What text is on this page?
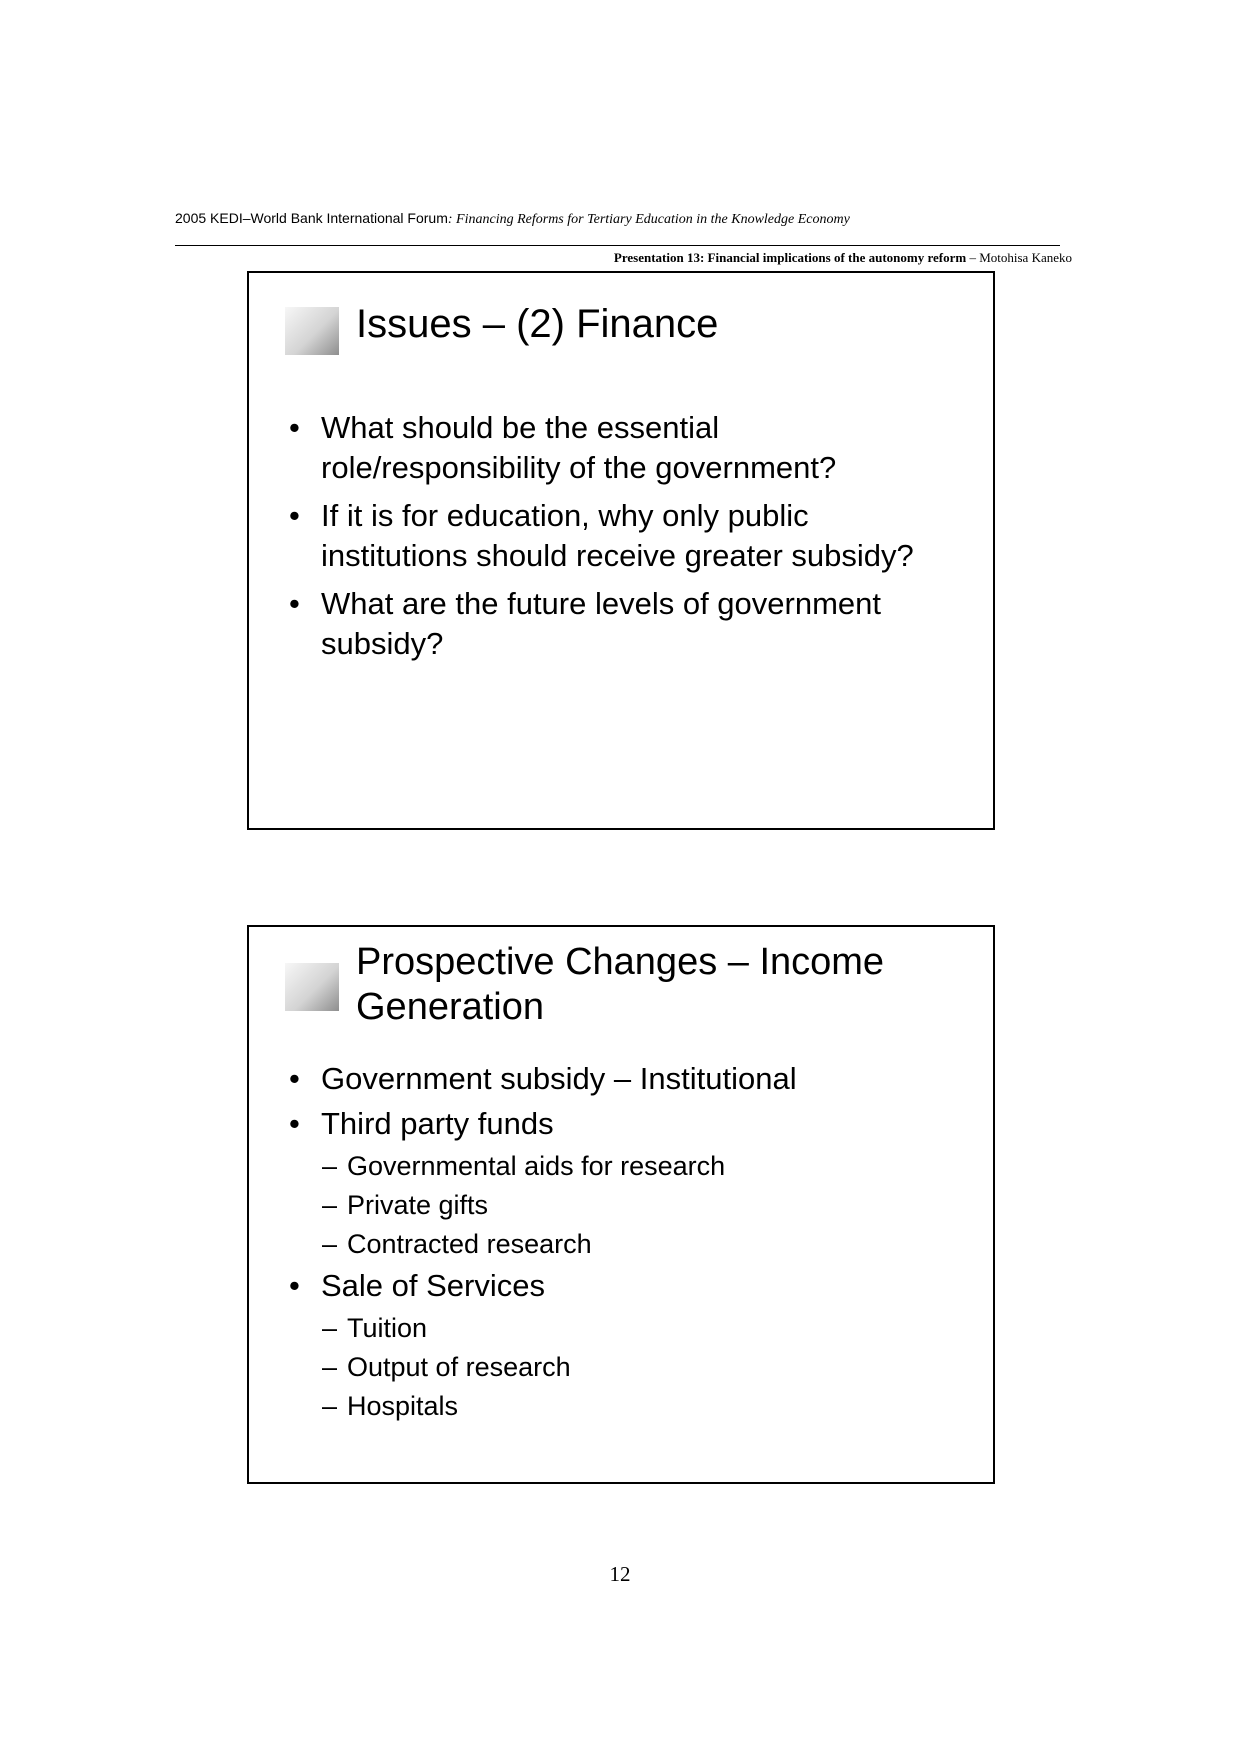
2005 KEDI–World Bank International Forum: Financing Reforms for Tertiary Education in the Knowledge Economy
Presentation 13: Financial implications of the autonomy reform – Motohisa Kaneko
Issues – (2) Finance
• What should be the essential role/responsibility of the government?
• If it is for education, why only public institutions should receive greater subsidy?
• What are the future levels of government subsidy?
Prospective Changes – Income Generation
• Government subsidy – Institutional
• Third party funds
– Governmental aids for research
– Private gifts
– Contracted research
• Sale of Services
– Tuition
– Output of research
– Hospitals
12
